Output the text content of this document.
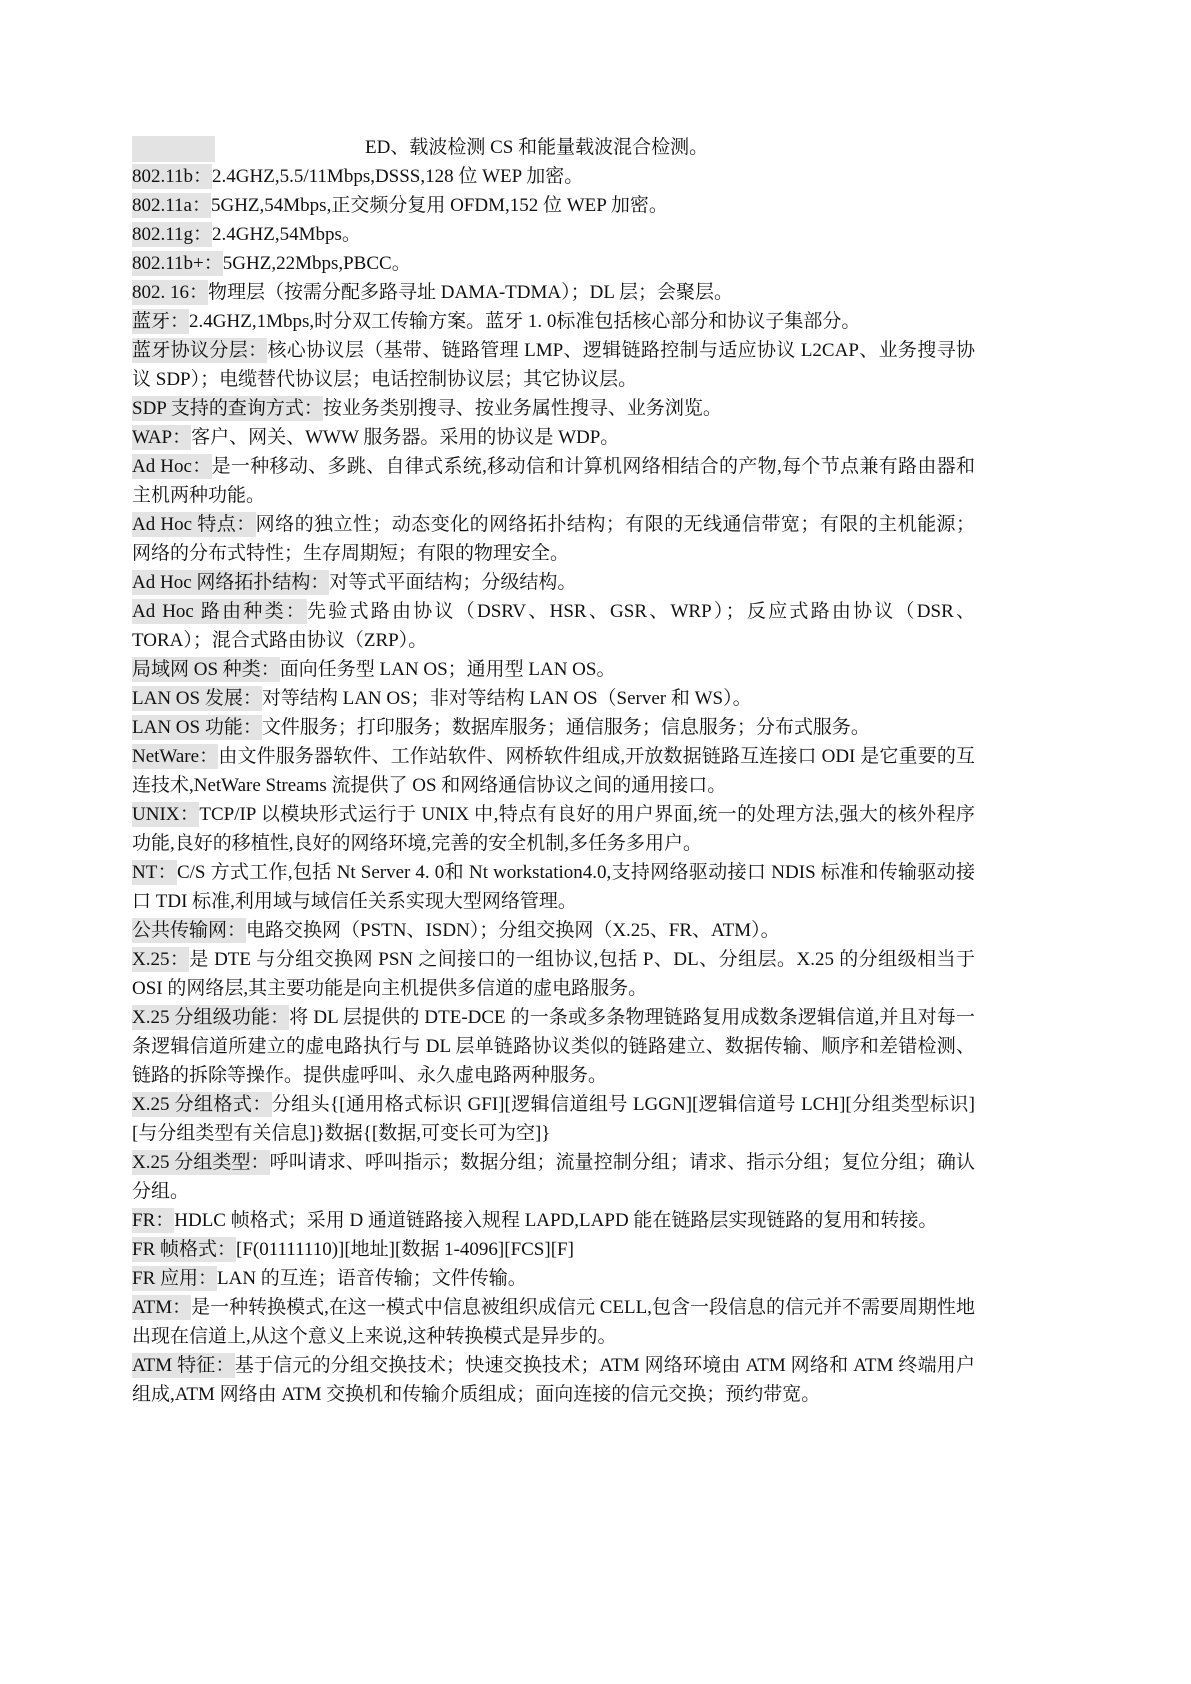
ED、载波检测 CS 和能量载波混合检测。

802.11b：2.4GHZ,5.5/11Mbps,DSSS,128 位 WEP 加密。

802.11a：5GHZ,54Mbps,正交频分复用 OFDM,152 位 WEP 加密。

802.11g：2.4GHZ,54Mbps。

802.11b+：5GHZ,22Mbps,PBCC。

802. 16：物理层（按需分配多路寻址 DAMA-TDMA）；DL 层；会聚层。

蓝牙：2.4GHZ,1Mbps,时分双工传输方案。蓝牙 1. 0标准包括核心部分和协议子集部分。

蓝牙协议分层：核心协议层（基带、链路管理 LMP、逻辑链路控制与适应协议 L2CAP、业务搜寻协议 SDP）；电缆替代协议层；电话控制协议层；其它协议层。

SDP 支持的查询方式：按业务类别搜寻、按业务属性搜寻、业务浏览。

WAP：客户、网关、WWW 服务器。采用的协议是 WDP。

Ad Hoc：是一种移动、多跳、自律式系统,移动信和计算机网络相结合的产物,每个节点兼有路由器和主机两种功能。

Ad Hoc 特点：网络的独立性；动态变化的网络拓扑结构；有限的无线通信带宽；有限的主机能源；网络的分布式特性；生存周期短；有限的物理安全。

Ad Hoc 网络拓扑结构：对等式平面结构；分级结构。

Ad Hoc 路由种类：先验式路由协议（DSRV、HSR、GSR、WRP）；反应式路由协议（DSR、TORA）；混合式路由协议（ZRP）。

局域网 OS 种类：面向任务型 LAN OS；通用型 LAN OS。

LAN OS 发展：对等结构 LAN OS；非对等结构 LAN OS（Server 和 WS）。

LAN OS 功能：文件服务；打印服务；数据库服务；通信服务；信息服务；分布式服务。

NetWare：由文件服务器软件、工作站软件、网桥软件组成,开放数据链路互连接口 ODI 是它重要的互连技术,NetWare Streams 流提供了 OS 和网络通信协议之间的通用接口。

UNIX：TCP/IP 以模块形式运行于 UNIX 中,特点有良好的用户界面,统一的处理方法,强大的核外程序功能,良好的移植性,良好的网络环境,完善的安全机制,多任务多用户。

NT：C/S 方式工作,包括 Nt Server 4. 0和 Nt workstation4.0,支持网络驱动接口 NDIS 标准和传输驱动接口 TDI 标准,利用域与域信任关系实现大型网络管理。

公共传输网：电路交换网（PSTN、ISDN）；分组交换网（X.25、FR、ATM）。

X.25：是 DTE 与分组交换网 PSN 之间接口的一组协议,包括 P、DL、分组层。X.25 的分组级相当于 OSI 的网络层,其主要功能是向主机提供多信道的虚电路服务。

X.25 分组级功能：将 DL 层提供的 DTE-DCE 的一条或多条物理链路复用成数条逻辑信道,并且对每一条逻辑信道所建立的虚电路执行与 DL 层单链路协议类似的链路建立、数据传输、顺序和差错检测、链路的拆除等操作。提供虚呼叫、永久虚电路两种服务。

X.25 分组格式：分组头{[通用格式标识 GFI][逻辑信道组号 LGGN][逻辑信道号 LCH][分组类型标识][与分组类型有关信息]}数据{[数据,可变长可为空]}

X.25 分组类型：呼叫请求、呼叫指示；数据分组；流量控制分组；请求、指示分组；复位分组；确认分组。

FR：HDLC 帧格式；采用 D 通道链路接入规程 LAPD,LAPD 能在链路层实现链路的复用和转接。

FR 帧格式：[F(01111110)][地址][数据 1-4096][FCS][F]

FR 应用：LAN 的互连；语音传输；文件传输。

ATM：是一种转换模式,在这一模式中信息被组织成信元 CELL,包含一段信息的信元并不需要周期性地出现在信道上,从这个意义上来说,这种转换模式是异步的。

ATM 特征：基于信元的分组交换技术；快速交换技术；ATM 网络环境由 ATM 网络和 ATM 终端用户组成,ATM 网络由 ATM 交换机和传输介质组成；面向连接的信元交换；预约带宽。
